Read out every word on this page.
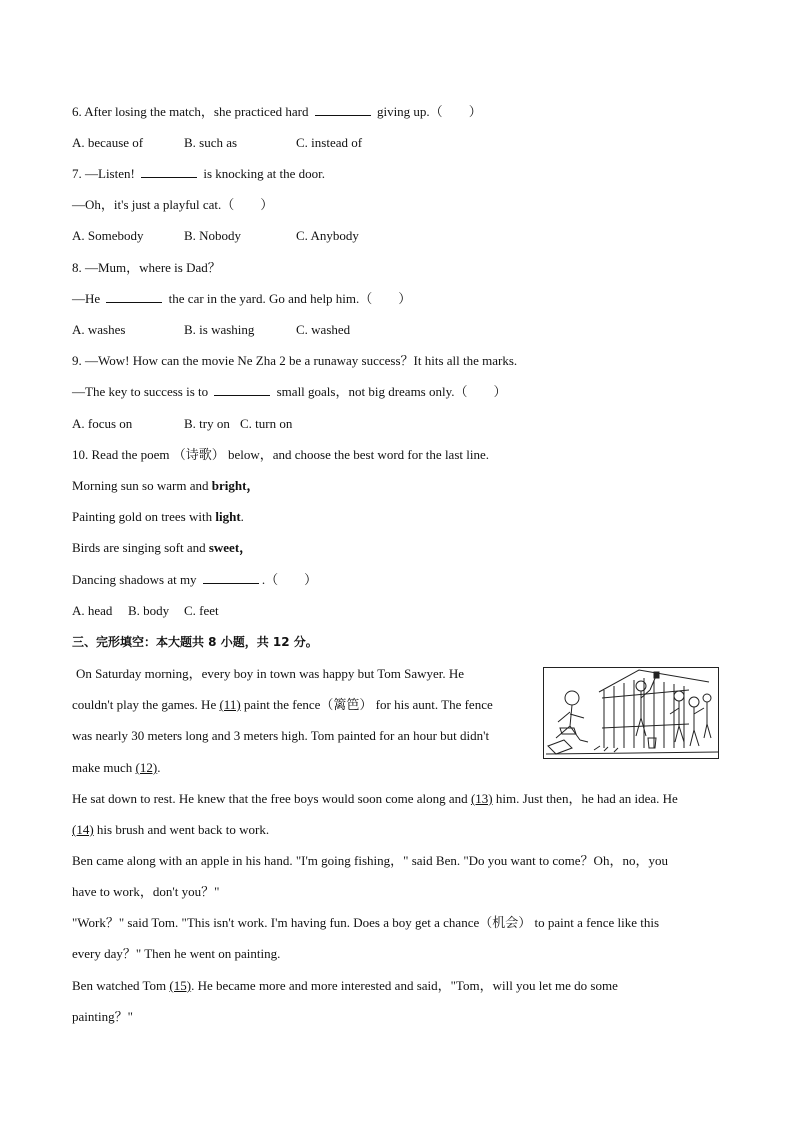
6. After losing the match，she practiced hard	giving up.（ ）
A. because of	B. such as	C. instead of
7. —Listen!	is knocking at the door.
—Oh，it's just a playful cat.（ ）
A. Somebody	B. Nobody	C. Anybody
8. —Mum，where is Dad？
—He	the car in the yard. Go and help him.（ ）
A. washes	B. is washing	C. washed
9. —Wow! How can the movie Ne Zha 2 be a runaway success？It hits all the marks.
—The key to success is to	small goals，not big dreams only.（ ）
A. focus on	B. try on C. turn on
10. Read the poem （诗歌） below，and choose the best word for the last line.
Morning sun so warm and bright，
Painting gold on trees with light.
Birds are singing soft and sweet，
Dancing shadows at my	.（ ）
A. head B. body C. feet
三、完形填空：本大题共 8 小题，共 12 分。
On Saturday morning，every boy in town was happy but Tom Sawyer. He
couldn't play the games. He (11) paint the fence（篱笆） for his aunt. The fence
was nearly 30 meters long and 3 meters high. Tom painted for an hour but didn't
make much (12).
He sat down to rest. He knew that the free boys would soon come along and (13) him. Just then，he had an idea. He
(14) his brush and went back to work.
Ben came along with an apple in his hand. "I'm going fishing，" said Ben. "Do you want to come？Oh，no，you
have to work，don't you？"
"Work？" said Tom. "This isn't work. I'm having fun. Does a boy get a chance（机会） to paint a fence like this
every day？" Then he went on painting.
Ben watched Tom (15). He became more and more interested and said，"Tom，will you let me do some
painting？"
